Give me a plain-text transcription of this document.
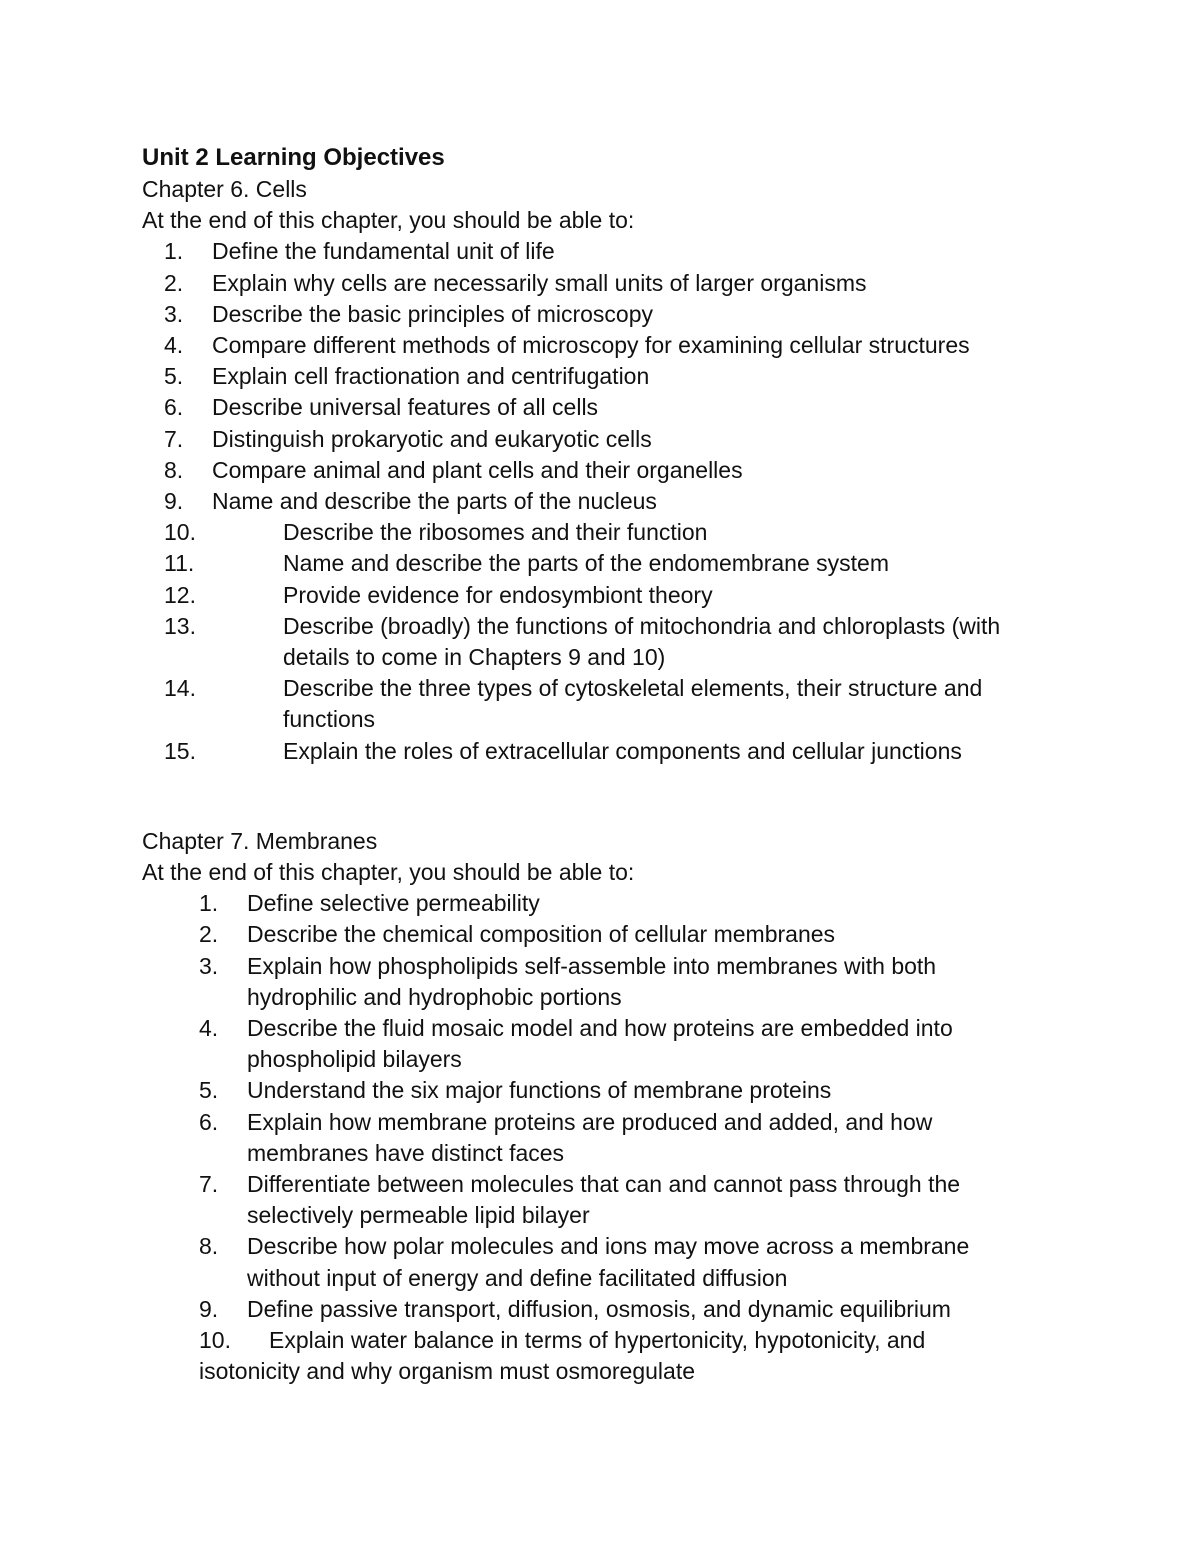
Unit 2 Learning Objectives
Chapter 6. Cells
At the end of this chapter, you should be able to:
1.	Define the fundamental unit of life
2.	Explain why cells are necessarily small units of larger organisms
3.	Describe the basic principles of microscopy
4.	Compare different methods of microscopy for examining cellular structures
5.	Explain cell fractionation and centrifugation
6.	Describe universal features of all cells
7.	Distinguish prokaryotic and eukaryotic cells
8.	Compare animal and plant cells and their organelles
9.	Name and describe the parts of the nucleus
10.	Describe the ribosomes and their function
11.	Name and describe the parts of the endomembrane system
12.	Provide evidence for endosymbiont theory
13.	Describe (broadly) the functions of mitochondria and chloroplasts (with details to come in Chapters 9 and 10)
14.	Describe the three types of cytoskeletal elements, their structure and functions
15.	Explain the roles of extracellular components and cellular junctions
Chapter 7. Membranes
At the end of this chapter, you should be able to:
1.	Define selective permeability
2.	Describe the chemical composition of cellular membranes
3.	Explain how phospholipids self-assemble into membranes with both hydrophilic and hydrophobic portions
4.	Describe the fluid mosaic model and how proteins are embedded into phospholipid bilayers
5.	Understand the six major functions of membrane proteins
6.	Explain how membrane proteins are produced and added, and how membranes have distinct faces
7.	Differentiate between molecules that can and cannot pass through the selectively permeable lipid bilayer
8.	Describe how polar molecules and ions may move across a membrane without input of energy and define facilitated diffusion
9.	Define passive transport, diffusion, osmosis, and dynamic equilibrium
10. Explain water balance in terms of hypertonicity, hypotonicity, and isotonicity and why organism must osmoregulate
